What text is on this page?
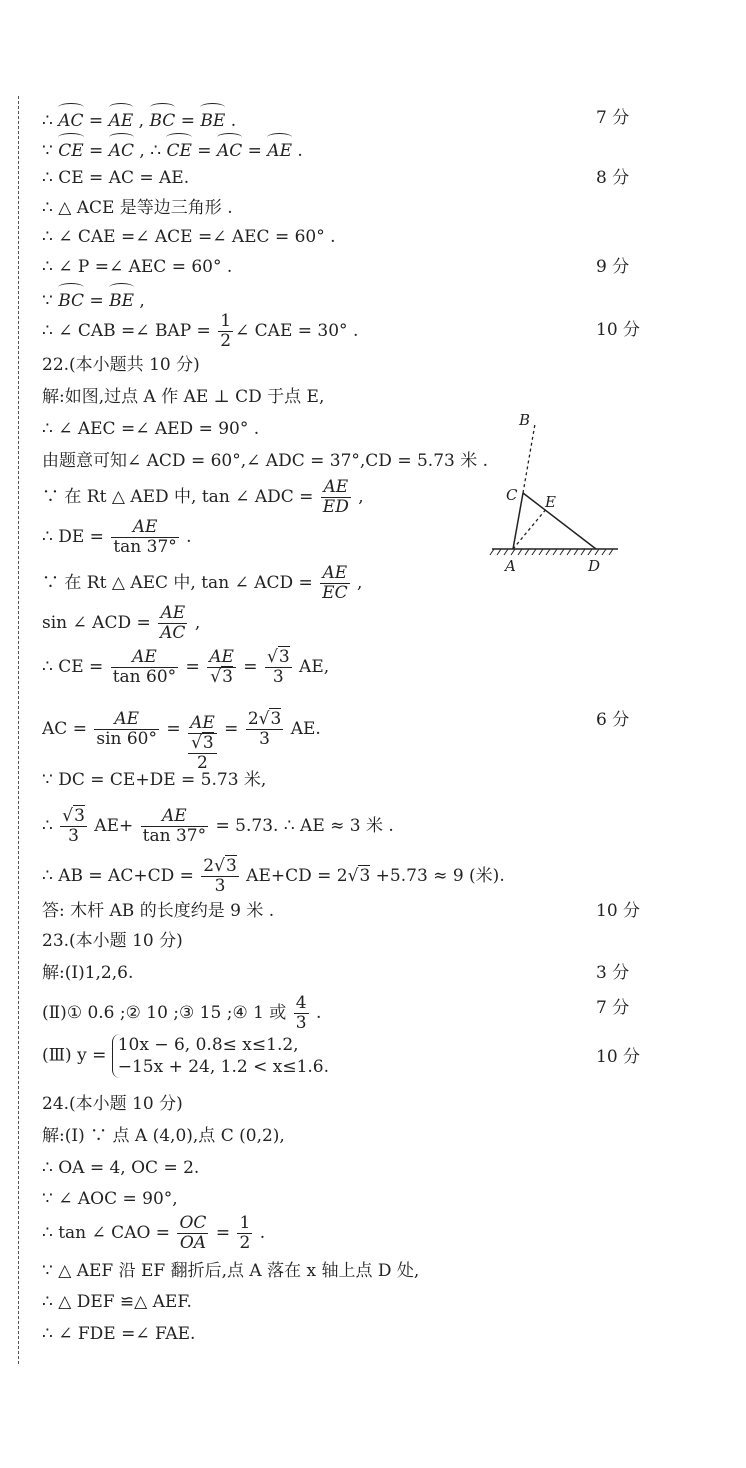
∴ AC = AE , BC = BE .
∵ CE = AC , ∴ CE = AC = AE .
∴ CE = AC = AE.
∴ △ ACE 是等边三角形 .
∴ ∠ CAE =∠ ACE =∠ AEC = 60° .
∴ ∠ P =∠ AEC = 60° .
∵ BC = BE ,
∴ ∠ CAB =∠ BAP = $\frac{1}{2}$ ∠ CAE = 30° .
22.(本小题共 10 分)
解:如图,过点 A 作 AE ⊥ CD 于点 E,
∴ ∠ AEC =∠ AED = 90° .
由题意可知∠ ACD = 60°,∠ ADC = 37°,CD = 5.73 米 .
∵ 在 Rt △ AED 中, tan ∠ ADC = $\frac{AE}{ED}$ ,
∴ DE = $\frac{AE}{\tan 37^\circ}$ .
∵ 在 Rt △ AEC 中, tan ∠ ACD = $\frac{AE}{EC}$ ,
sin ∠ ACD = $\frac{AE}{AC}$ ,
∴ CE = $\frac{AE}{\tan 60^\circ} = \frac{AE}{√3} = \frac{√3}{3}$ AE,
AC = $\frac{AE}{\sin 60^\circ}$ = AE
√3
2
= $\frac{2√3}{3}$ AE.
∵ DC = CE+DE = 5.73 米,
∴ $\frac{√3}{3} AE+ \frac{AE}{\tan 37^\circ} = 5.73$. ∴ AE ≈ 3 米 .
∴ AB = $AC+CD = \frac{2√3}{3} AE+CD = 2√3 +5.73 \approx 9$ (米).
答: 木杆 AB 的长度约是 9 米 .
23.(本小题 10 分)
解:(Ⅰ)1,2,6.
(Ⅱ)① 0.6 ;② 10 ;③ 15 ;④ 1 或 $\frac{4}{3}$ .
(Ⅲ) y =
10x − 6, 0.8≤ x≤1.2,
−15x + 24, 1.2 < x≤1.6.
24.(本小题 10 分)
解:(Ⅰ) ∵ 点 A (4,0),点 C (0,2),
∴ OA = 4, OC = 2.
∵ ∠ AOC = 90°,
∴ tan ∠ CAO = $\frac{OC}{OA} = \frac{1}{2}$ .
∵ △ AEF 沿 EF 翻折后,点 A 落在 x 轴上点 D 处,
∴ △ DEF ≌△ AEF.
∴ ∠ FDE =∠ FAE.
7 分
8 分
9 分
10 分
6 分
10 分
3 分
7 分
10 分
B
C E
A	D
